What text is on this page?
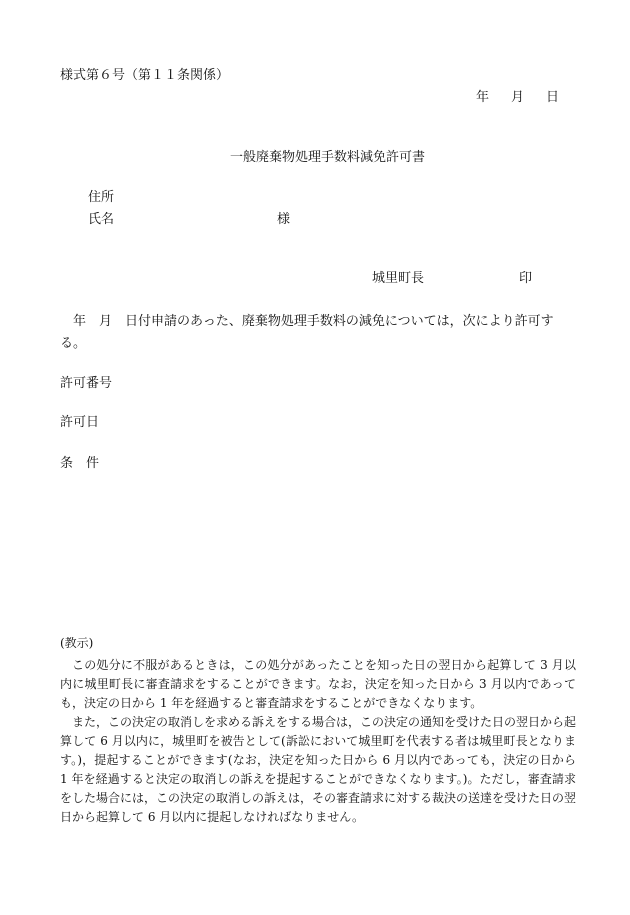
様式第６号（第１１条関係）
年 月 日
一般廃棄物処理手数料減免許可書
住所
氏名	様
城里町長	印
　年　月　日付申請のあった、廃棄物処理手数料の減免については，次により許可する。
許可番号
許可日
条　件
(教示)
この処分に不服があるときは，この処分があったことを知った日の翌日から起算して 3 月以内に城里町長に審査請求をすることができます。なお，決定を知った日から 3 月以内であっても，決定の日から 1 年を経過すると審査請求をすることができなくなります。
また，この決定の取消しを求める訴えをする場合は，この決定の通知を受けた日の翌日から起算して 6 月以内に，城里町を被告として(訴訟において城里町を代表する者は城里町長となります。)，提起することができます(なお，決定を知った日から 6 月以内であっても，決定の日から 1 年を経過すると決定の取消しの訴えを提起することができなくなります。)。ただし，審査請求をした場合には，この決定の取消しの訴えは，その審査請求に対する裁決の送達を受けた日の翌日から起算して 6 月以内に提起しなければなりません。
